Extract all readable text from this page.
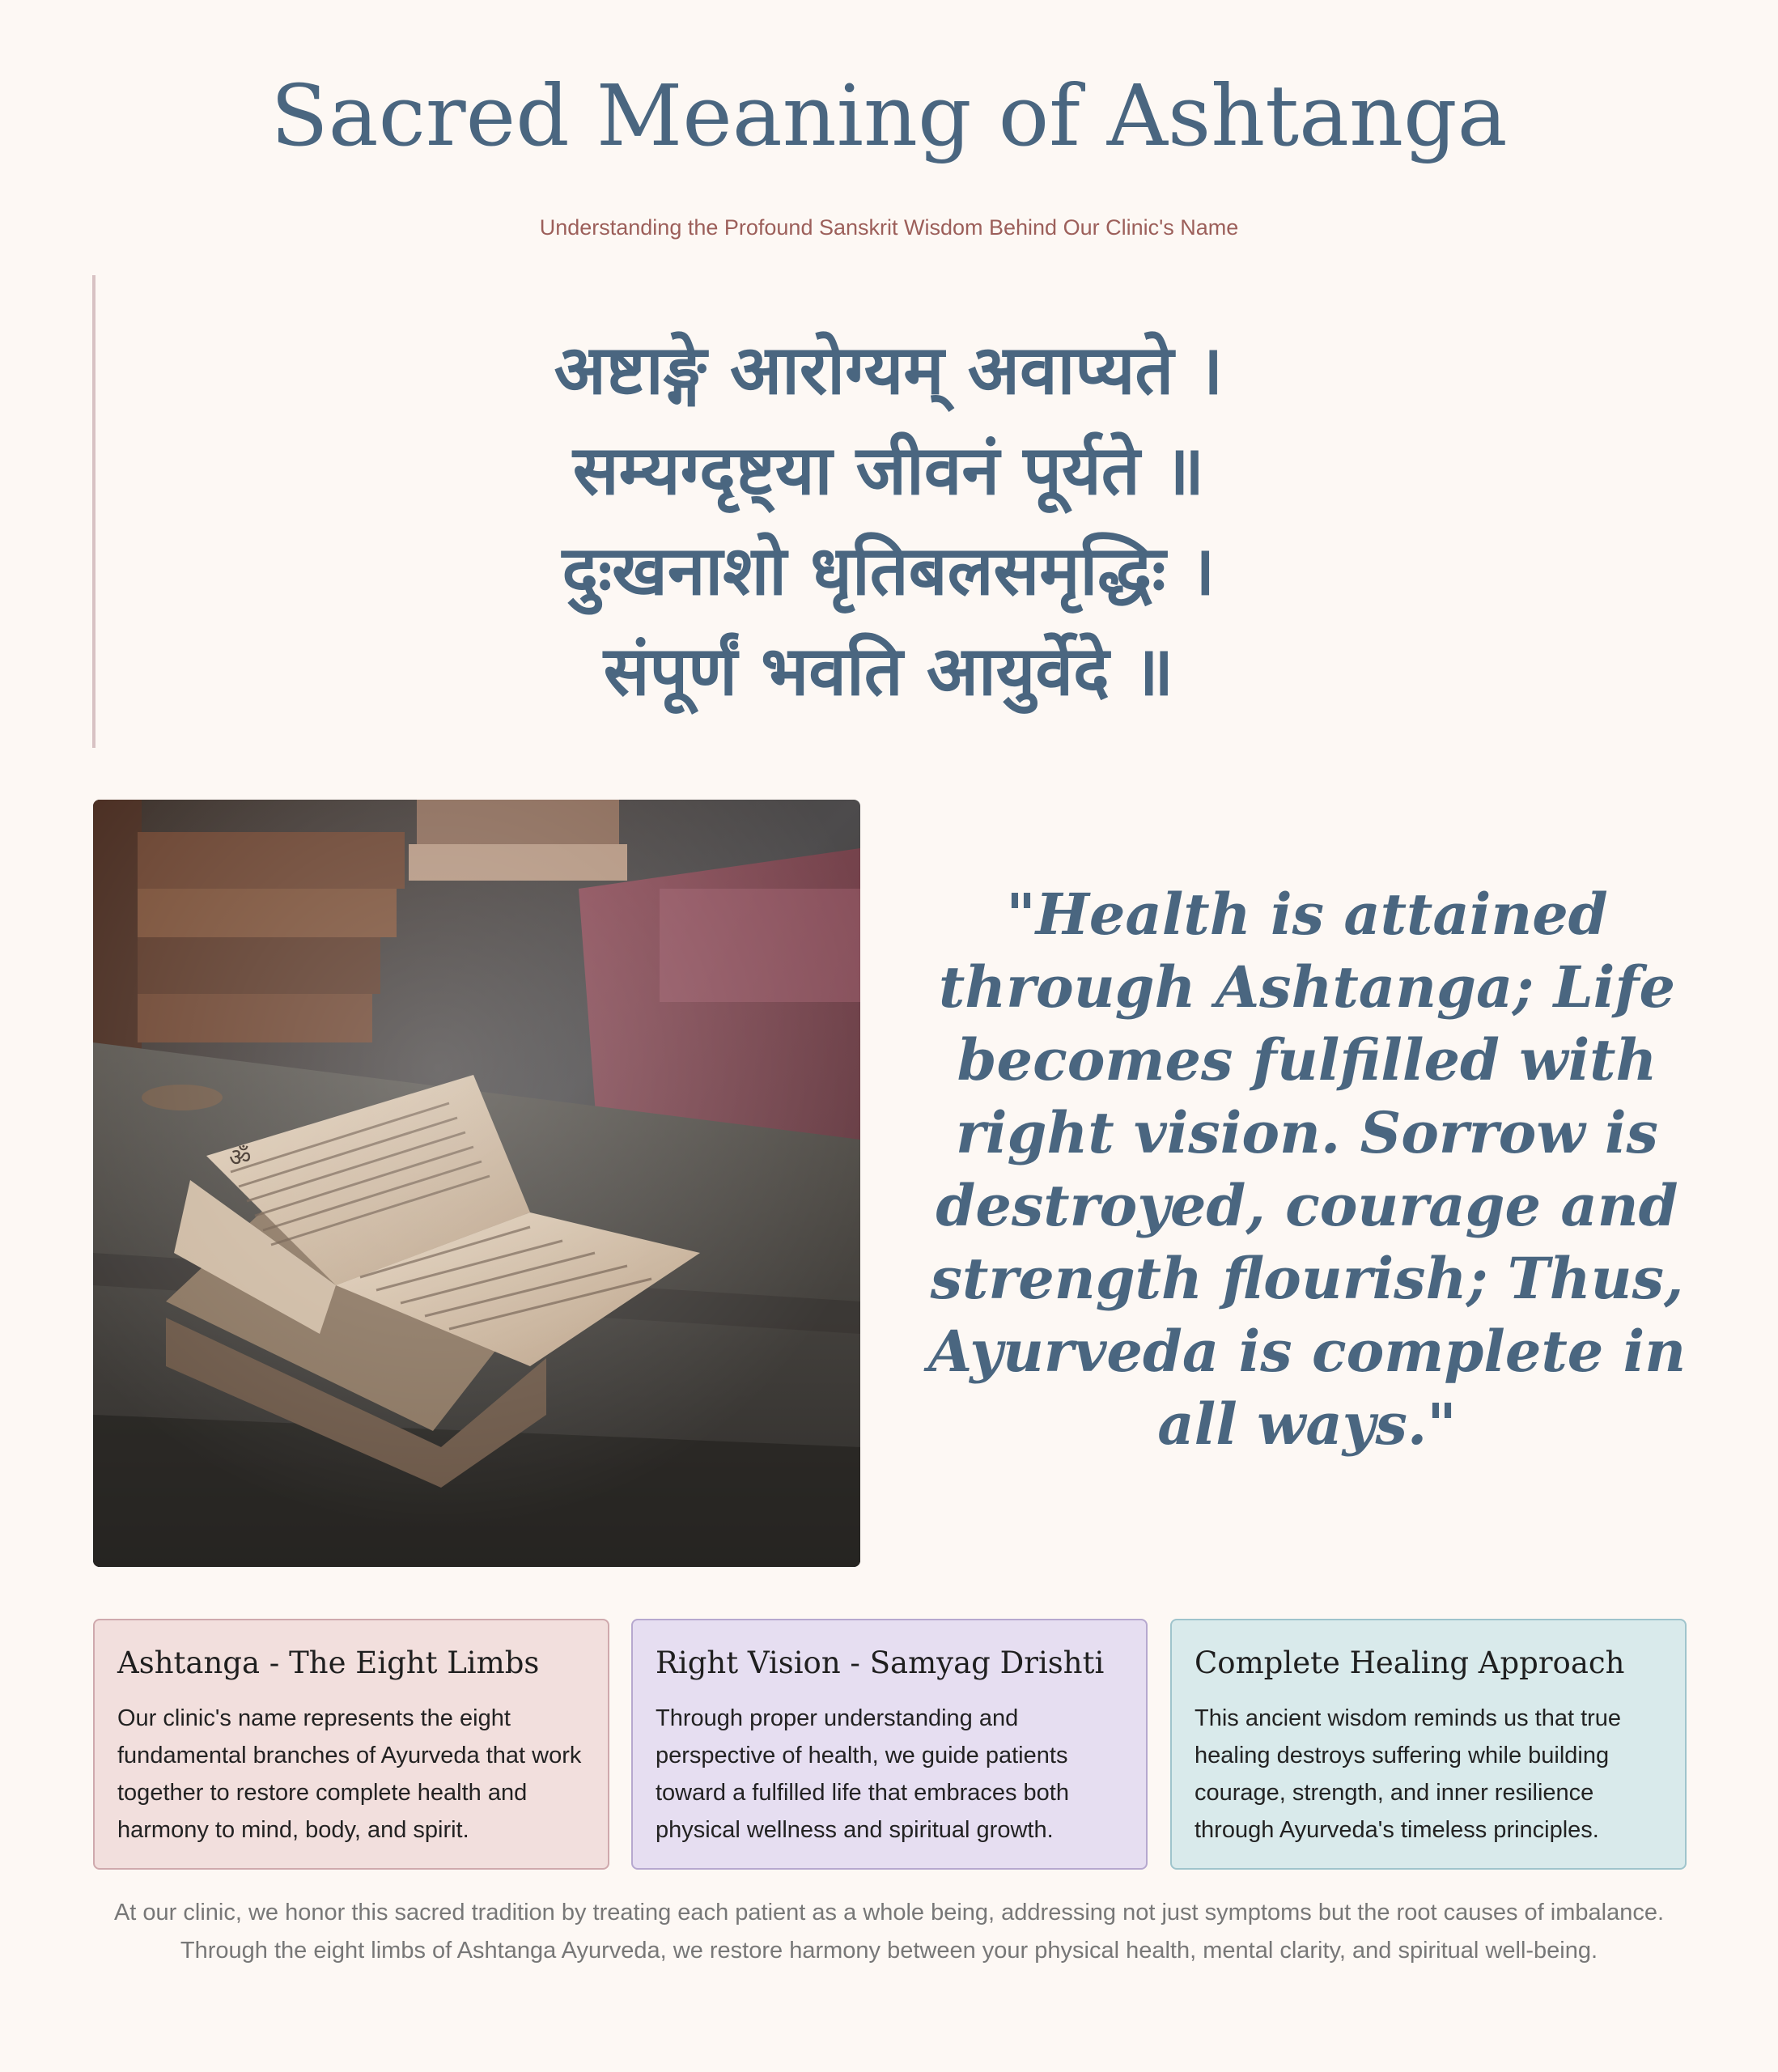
Sacred Meaning of Ashtanga

Understanding the Profound Sanskrit Wisdom Behind Our Clinic's Name

अष्टाङ्गे आरोग्यम् अवाप्यते ।
सम्यग्दृष्ट्या जीवनं पूर्यते ॥
दुःखनाशो धृतिबलसमृद्धिः ।
संपूर्णं भवति आयुर्वेदे ॥

"Health is attained through Ashtanga; Life becomes fulfilled with right vision. Sorrow is destroyed, courage and strength flourish; Thus, Ayurveda is complete in all ways."

Ashtanga - The Eight Limbs

Our clinic's name represents the eight fundamental branches of Ayurveda that work together to restore complete health and harmony to mind, body, and spirit.

Right Vision - Samyag Drishti

Through proper understanding and perspective of health, we guide patients toward a fulfilled life that embraces both physical wellness and spiritual growth.

Complete Healing Approach

This ancient wisdom reminds us that true healing destroys suffering while building courage, strength, and inner resilience through Ayurveda's timeless principles.

At our clinic, we honor this sacred tradition by treating each patient as a whole being, addressing not just symptoms but the root causes of imbalance. Through the eight limbs of Ashtanga Ayurveda, we restore harmony between your physical health, mental clarity, and spiritual well-being.
